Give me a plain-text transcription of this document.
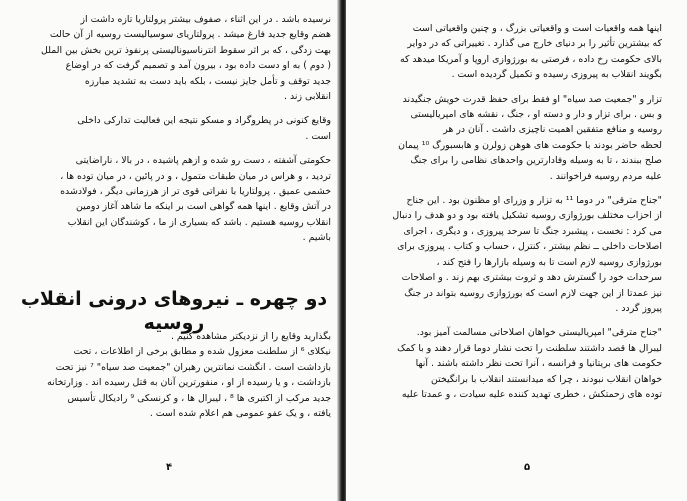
نرسیده باشد . در این اثناء ، صفوف بیشتر پرولتاریا تازه داشت از
هضم وقایع جدید فارغ میشد . پرولتاریای سوسیالیست روسیه از آن حالت
بهت زدگی ، که بر اثر سقوط انترناسیونالیستی پرنفوذ ترین بخش بین الملل
( دوم ) به او دست داده بود ، بیرون آمد و تصمیم گرفت که در اوضاع
جدید توقف و تأمل جایز نیست ، بلکه باید دست به تشدید مبارزه
انقلابی زند .
وقایع کنونی در پطروگراد و مسکو نتیجه این فعالیت تدارکی داخلی
است .
حکومتی آشفته ، دست رو شده و ازهم پاشیده ، در بالا ، ناراضایتی
تردید ، و هراس در میان طبقات متمول ، و در پائین ، در میان توده ها ،
خشمی عمیق . پرولتاریا با نفراتی قوی تر از هرزمانی دیگر ، فولادشده
در آتش وقایع . اینها همه گواهی است بر اینکه ما شاهد آغاز دومین
انقلاب روسیه هستیم . باشد که بسیاری از ما ، کوشندگان این انقلاب
باشیم .
دو چهره ـ نیروهای درونی انقلاب روسیه
بگذارید وقایع را از نزدیکتر مشاهده کنیم .
نیکلای ⁶ از سلطنت معزول شده و مطابق برخی از اطلاعات ، تحت
بازداشت است . انگشت نمانترین رهبران "جمعیت صد سیاه" ⁷ نیز تحت
بازداشت ، و یا رسیده از او ، منفورترین آنان به قتل رسیده اند . وزارتخانه
جدید مرکب از اکتبری ها ⁸ ، لیبرال ها ، و کرنسکی ⁹ رادیکال تأسیس
یافته ، و یک عفو عمومی هم اعلام شده است .
۴
اینها همه واقعیات است و واقعیاتی بزرگ ، و چنین واقعیاتی است
که بیشترین تأثیر را بر دنیای خارج می گذارد . تغییراتی که در دوایر
بالای حکومت رخ داده ، فرصتی به بورژوازی اروپا و آمریکا میدهد که
بگویند انقلاب به پیروزی رسیده و تکمیل گردیده است .
تزار و "جمعیت صد سیاه" او فقط برای حفظ قدرت خویش جنگیدند
و بس . برای تزار و دار و دسته او ، جنگ ، نقشه های امپریالیستی
روسیه و منافع متفقین اهمیت ناچیزی داشت . آنان در هر
لحظه حاضر بودند با حکومت های هوهن زولرن و هابسبورگ ¹⁰ پیمان
صلح ببندند ، تا به وسیله وفادارترین واحدهای نظامی را برای جنگ
علیه مردم روسیه فراخوانند .
"جناح مترقی" در دوما ¹¹ به تزار و وزرای او مظنون بود . این جناح
از احزاب مختلف بورژوازی روسیه تشکیل یافته بود و دو هدف را دنبال
می کرد : نخست ، پیشبرد جنگ تا سرحد پیروزی ، و دیگری ، اجرای
اصلاحات داخلی ــ نظم بیشتر ، کنترل ، حساب و کتاب . پیروزی برای
بورژوازی روسیه لازم است تا به وسیله بازارها را فتح کند ،
سرحدات خود را گسترش دهد و ثروت بیشتری بهم زند . و اصلاحات
نیز عمدتا از این جهت لازم است که بورژوازی روسیه بتواند در جنگ
پیروز گردد .
"جناح مترقی" امپریالیستی خواهان اصلاحاتی مسالمت آمیز بود.
لیبرال ها قصد داشتند سلطنت را تحت نشار دوما قرار دهند و با کمک
حکومت های بریتانیا و فرانسه ، آنرا تحت نظر داشته باشند . آنها
خواهان انقلاب نبودند ، چرا که میدانستند انقلاب با برانگیختن
توده های زحمتکش ، خطری تهدید کننده علیه سیادت ، و عمدتا علیه
۵
